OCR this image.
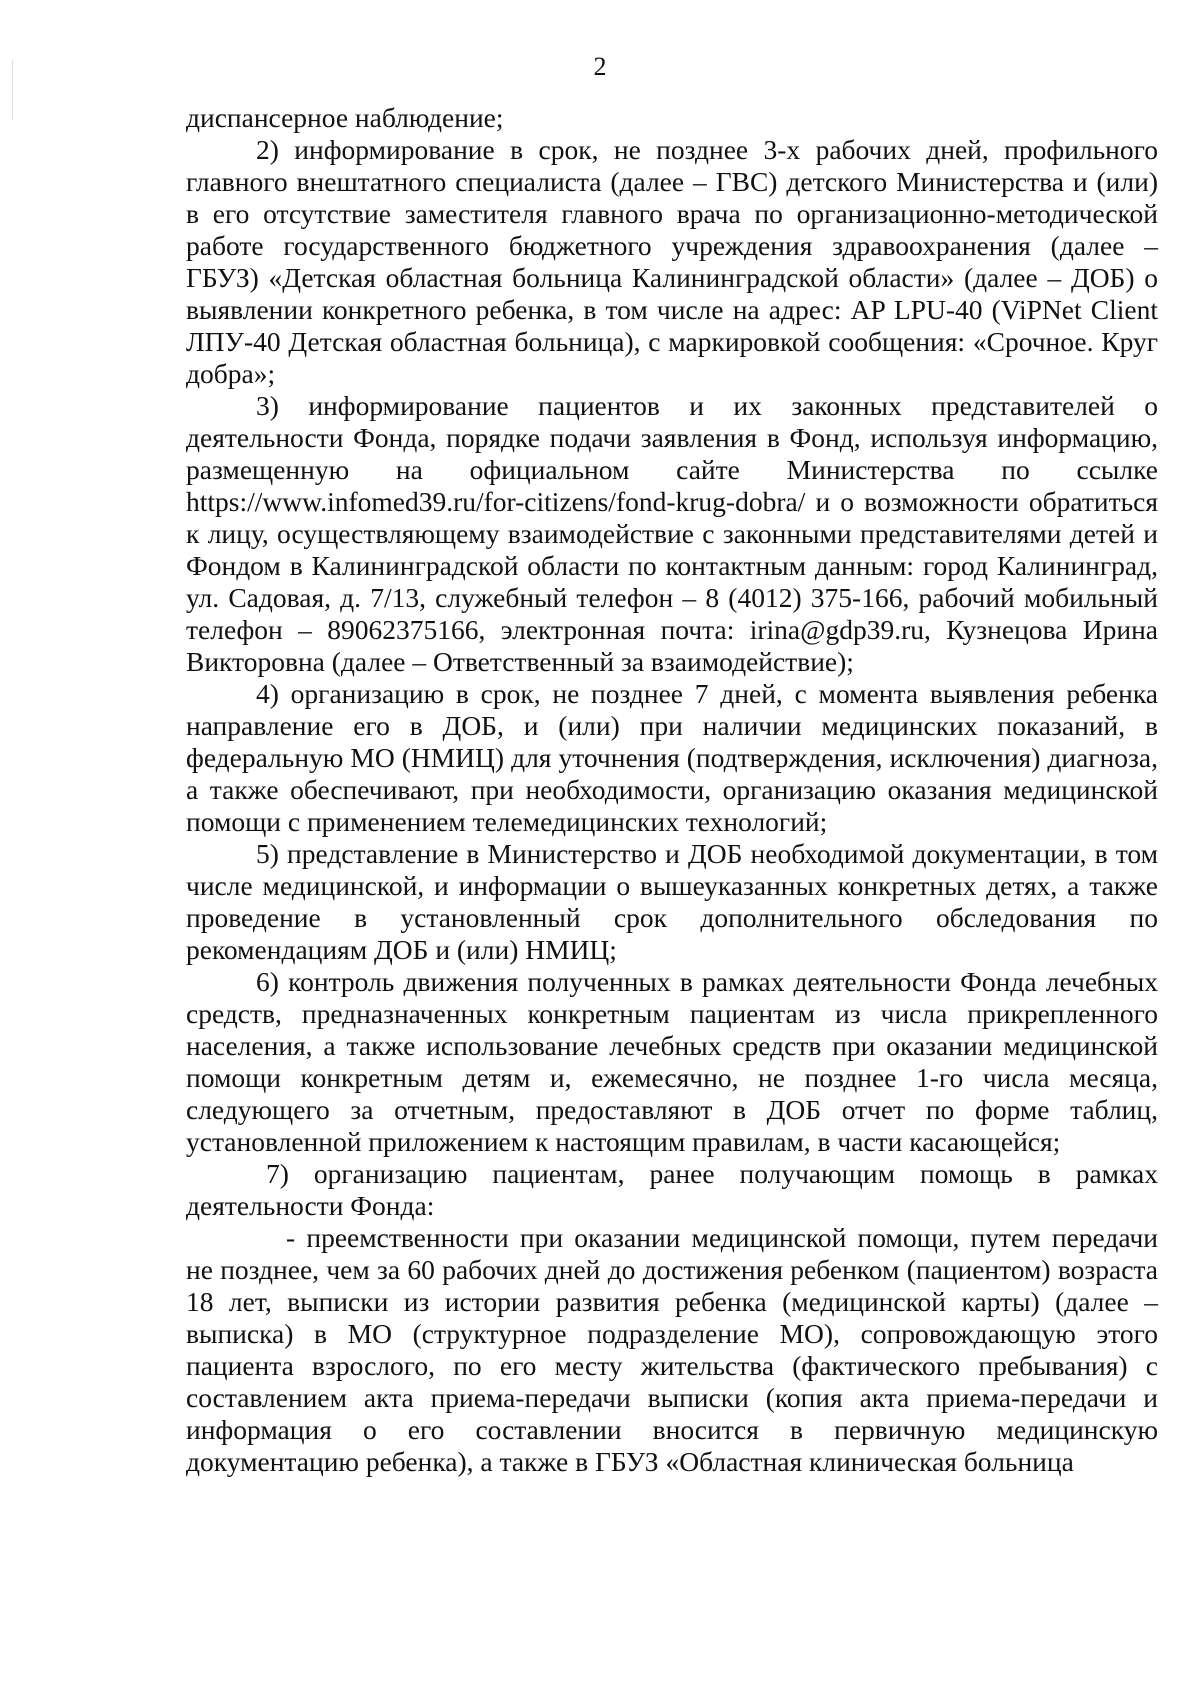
2

диспансерное наблюдение;

2) информирование в срок, не позднее 3-х рабочих дней, профильного главного внештатного специалиста (далее – ГВС) детского Министерства и (или) в его отсутствие заместителя главного врача по организационно-методической работе государственного бюджетного учреждения здравоохранения (далее – ГБУЗ) «Детская областная больница Калининградской области» (далее – ДОБ) о выявлении конкретного ребенка, в том числе на адрес: AP LPU-40 (ViPNet Client ЛПУ-40 Детская областная больница), с маркировкой сообщения: «Срочное. Круг добра»;

3) информирование пациентов и их законных представителей о деятельности Фонда, порядке подачи заявления в Фонд, используя информацию, размещенную на официальном сайте Министерства по ссылке https://www.infomed39.ru/for-citizens/fond-krug-dobra/ и о возможности обратиться к лицу, осуществляющему взаимодействие с законными представителями детей и Фондом в Калининградской области по контактным данным: город Калининград, ул. Садовая, д. 7/13, служебный телефон – 8 (4012) 375-166, рабочий мобильный телефон – 89062375166, электронная почта: irina@gdp39.ru, Кузнецова Ирина Викторовна (далее – Ответственный за взаимодействие);

4) организацию в срок, не позднее 7 дней, с момента выявления ребенка направление его в ДОБ, и (или) при наличии медицинских показаний, в федеральную МО (НМИЦ) для уточнения (подтверждения, исключения) диагноза, а также обеспечивают, при необходимости, организацию оказания медицинской помощи с применением телемедицинских технологий;

5) представление в Министерство и ДОБ необходимой документации, в том числе медицинской, и информации о вышеуказанных конкретных детях, а также проведение в установленный срок дополнительного обследования по рекомендациям ДОБ и (или) НМИЦ;

6) контроль движения полученных в рамках деятельности Фонда лечебных средств, предназначенных конкретным пациентам из числа прикрепленного населения, а также использование лечебных средств при оказании медицинской помощи конкретным детям и, ежемесячно, не позднее 1-го числа месяца, следующего за отчетным, предоставляют в ДОБ отчет по форме таблиц, установленной приложением к настоящим правилам, в части касающейся;

7) организацию пациентам, ранее получающим помощь в рамках деятельности Фонда:

- преемственности при оказании медицинской помощи, путем передачи не позднее, чем за 60 рабочих дней до достижения ребенком (пациентом) возраста 18 лет, выписки из истории развития ребенка (медицинской карты) (далее – выписка) в МО (структурное подразделение МО), сопровождающую этого пациента взрослого, по его месту жительства (фактического пребывания) с составлением акта приема-передачи выписки (копия акта приема-передачи и информация о его составлении вносится в первичную медицинскую документацию ребенка), а также в ГБУЗ «Областная клиническая больница
